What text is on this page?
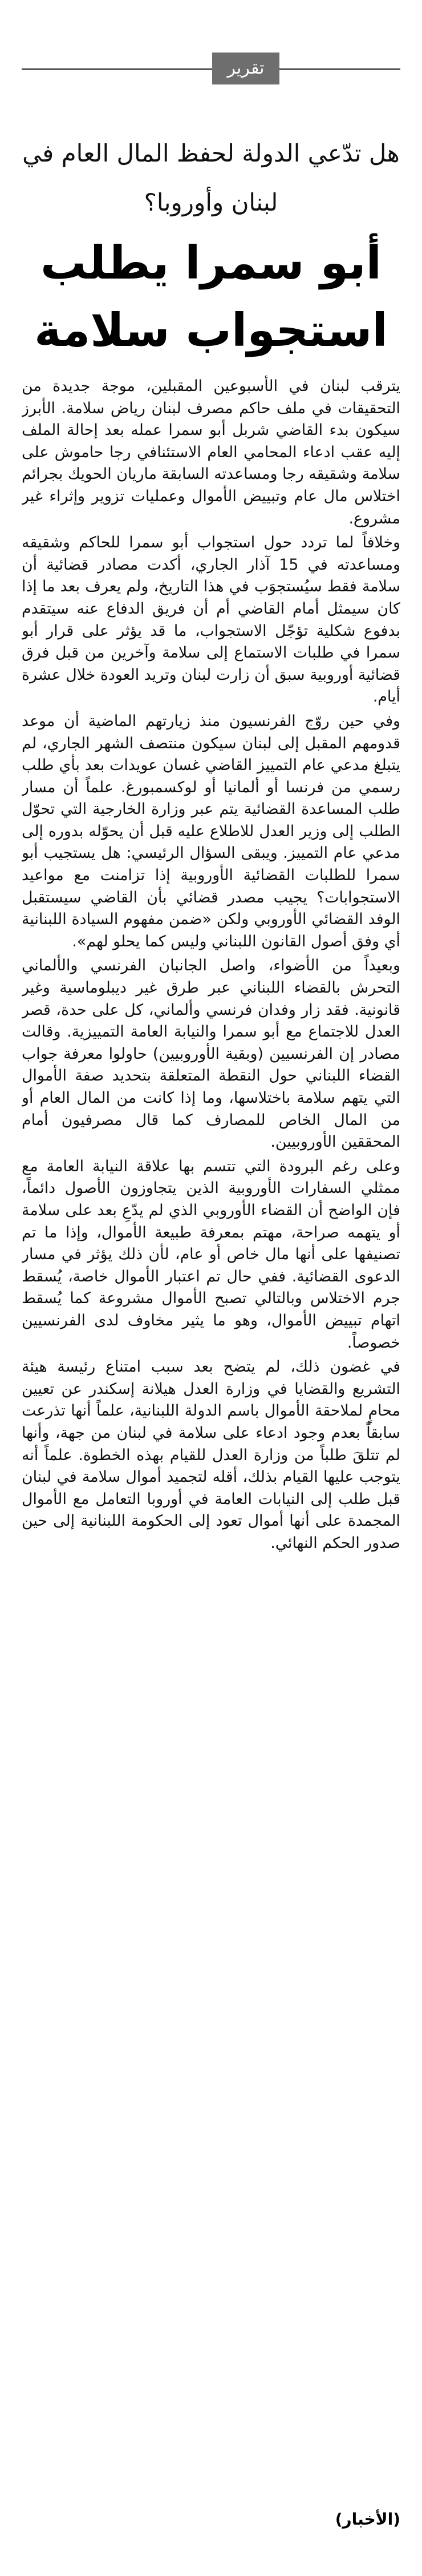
تقرير
هل تدّعي الدولة لحفظ المال العام في لبنان وأوروبا؟
أبو سمرا يطلب استجواب سلامة

يترقب لبنان في الأسبوعين المقبلين، موجة جديدة من التحقيقات في ملف حاكم مصرف لبنان رياض سلامة. الأبرز سيكون بدء القاضي شربل أبو سمرا عمله بعد إحالة الملف إليه عقب ادعاء المحامي العام الاستئنافي رجا حاموش على سلامة وشقيقه رجا ومساعدته السابقة ماريان الحويك بجرائم اختلاس مال عام وتبييض الأموال وعمليات تزوير وإثراء غير مشروع.

وخلافاً لما تردد حول استجواب أبو سمرا للحاكم وشقيقه ومساعدته في 15 آذار الجاري، أكدت مصادر قضائية أن سلامة فقط سيُستجوَب في هذا التاريخ، ولم يعرف بعد ما إذا كان سيمثل أمام القاضي أم أن فريق الدفاع عنه سيتقدم بدفوع شكلية تؤجّل الاستجواب، ما قد يؤثر على قرار أبو سمرا في طلبات الاستماع إلى سلامة وآخرين من قبل فرق قضائية أوروبية سبق أن زارت لبنان وتريد العودة خلال عشرة أيام.

وفي حين روّج الفرنسيون منذ زيارتهم الماضية أن موعد قدومهم المقبل إلى لبنان سيكون منتصف الشهر الجاري، لم يتبلغ مدعي عام التمييز القاضي غسان عويدات بعد بأي طلب رسمي من فرنسا أو ألمانيا أو لوكسمبورغ. علماً أن مسار طلب المساعدة القضائية يتم عبر وزارة الخارجية التي تحوّل الطلب إلى وزير العدل للاطلاع عليه قبل أن يحوّله بدوره إلى مدعي عام التمييز. ويبقى السؤال الرئيسي: هل يستجيب أبو سمرا للطلبات القضائية الأوروبية إذا تزامنت مع مواعيد الاستجوابات؟ يجيب مصدر قضائي بأن القاضي سيستقبل الوفد القضائي الأوروبي ولكن «ضمن مفهوم السيادة اللبنانية أي وفق أصول القانون اللبناني وليس كما يحلو لهم».

وبعيداً من الأضواء، واصل الجانبان الفرنسي والألماني التحرش بالقضاء اللبناني عبر طرق غير ديبلوماسية وغير قانونية. فقد زار وفدان فرنسي وألماني، كل على حدة، قصر العدل للاجتماع مع أبو سمرا والنيابة العامة التمييزية. وقالت مصادر إن الفرنسيين (وبقية الأوروبيين) حاولوا معرفة جواب القضاء اللبناني حول النقطة المتعلقة بتحديد صفة الأموال التي يتهم سلامة باختلاسها، وما إذا كانت من المال العام أو من المال الخاص للمصارف كما قال مصرفيون أمام المحققين الأوروبيين.

وعلى رغم البرودة التي تتسم بها علاقة النيابة العامة مع ممثلي السفارات الأوروبية الذين يتجاوزون الأصول دائماً، فإن الواضح أن القضاء الأوروبي الذي لم يدّعِ بعد على سلامة أو يتهمه صراحة، مهتم بمعرفة طبيعة الأموال، وإذا ما تم تصنيفها على أنها مال خاص أو عام، لأن ذلك يؤثر في مسار الدعوى القضائية. ففي حال تم اعتبار الأموال خاصة، يُسقط جرم الاختلاس وبالتالي تصبح الأموال مشروعة كما يُسقط اتهام تبييض الأموال، وهو ما يثير مخاوف لدى الفرنسيين خصوصاً.

في غضون ذلك، لم يتضح بعد سبب امتناع رئيسة هيئة التشريع والقضايا في وزارة العدل هيلانة إسكندر عن تعيين محامٍ لملاحقة الأموال باسم الدولة اللبنانية، علماً أنها تذرعت سابقاً بعدم وجود ادعاء على سلامة في لبنان من جهة، وأنها لم تتلقَ طلباً من وزارة العدل للقيام بهذه الخطوة. علماً أنه يتوجب عليها القيام بذلك، أقله لتجميد أموال سلامة في لبنان قبل طلب إلى النيابات العامة في أوروبا التعامل مع الأموال المجمدة على أنها أموال تعود إلى الحكومة اللبنانية إلى حين صدور الحكم النهائي.

(الأخبار)
